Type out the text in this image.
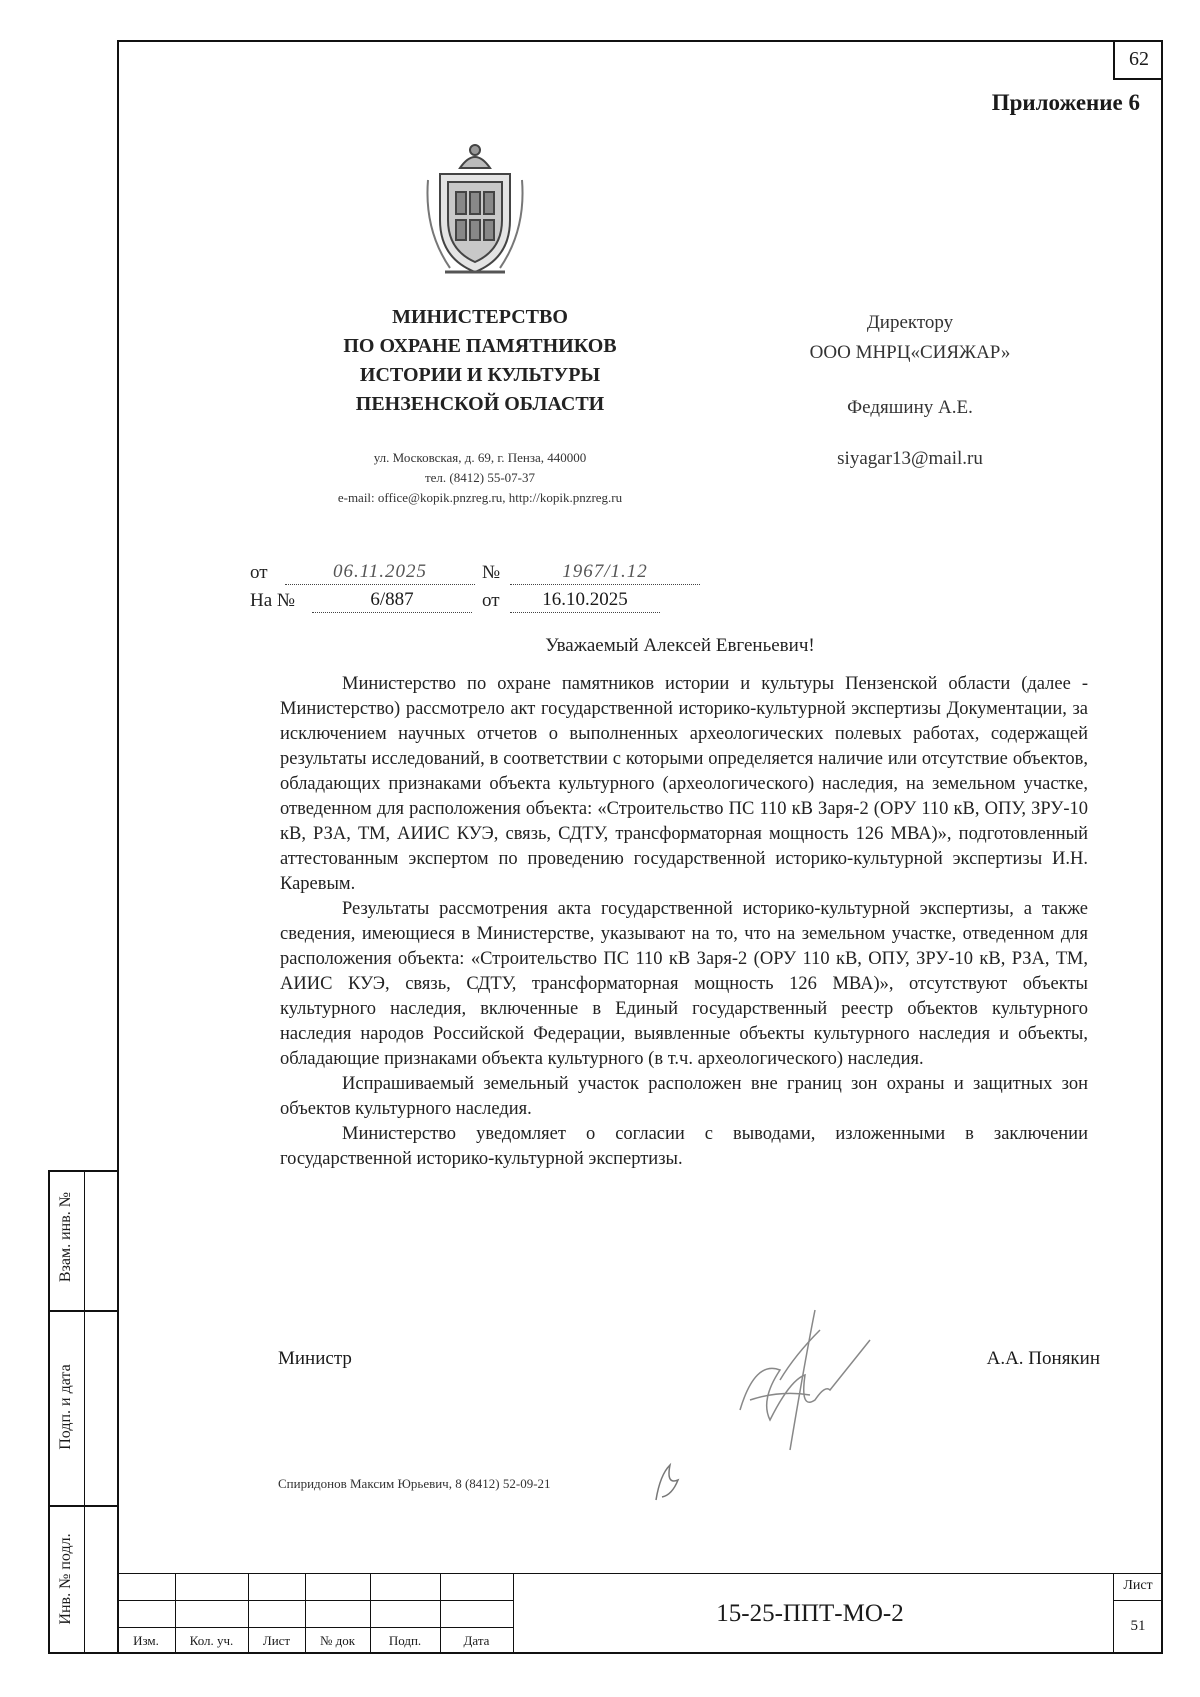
62
Приложение 6
МИНИСТЕРСТВО
ПО ОХРАНЕ ПАМЯТНИКОВ
ИСТОРИИ И КУЛЬТУРЫ
ПЕНЗЕНСКОЙ ОБЛАСТИ
ул. Московская, д. 69, г. Пенза, 440000
тел. (8412) 55-07-37
e-mail: office@kopik.pnzreg.ru, http://kopik.pnzreg.ru
Директору
ООО МНРЦ«СИЯЖАР»
Федяшину А.Е.
siyagar13@mail.ru
от	06.11.2025	№	1967/1.12
На №	6/887	от	16.10.2025
Уважаемый Алексей Евгеньевич!

Министерство по охране памятников истории и культуры Пензенской области (далее - Министерство) рассмотрело акт государственной историко-культурной экспертизы Документации, за исключением научных отчетов о выполненных археологических полевых работах, содержащей результаты исследований, в соответствии с которыми определяется наличие или отсутствие объектов, обладающих признаками объекта культурного (археологического) наследия, на земельном участке, отведенном для расположения объекта: «Строительство ПС 110 кВ Заря-2 (ОРУ 110 кВ, ОПУ, ЗРУ-10 кВ, РЗА, ТМ, АИИС КУЭ, связь, СДТУ, трансформаторная мощность 126 МВА)», подготовленный аттестованным экспертом по проведению государственной историко-культурной экспертизы И.Н. Каревым.

Результаты рассмотрения акта государственной историко-культурной экспертизы, а также сведения, имеющиеся в Министерстве, указывают на то, что на земельном участке, отведенном для расположения объекта: «Строительство ПС 110 кВ Заря-2 (ОРУ 110 кВ, ОПУ, ЗРУ-10 кВ, РЗА, ТМ, АИИС КУЭ, связь, СДТУ, трансформаторная мощность 126 МВА)», отсутствуют объекты культурного наследия, включенные в Единый государственный реестр объектов культурного наследия народов Российской Федерации, выявленные объекты культурного наследия и объекты, обладающие признаками объекта культурного (в т.ч. археологического) наследия.

Испрашиваемый земельный участок расположен вне границ зон охраны и защитных зон объектов культурного наследия.

Министерство уведомляет о согласии с выводами, изложенными в заключении государственной историко-культурной экспертизы.

Министр	А.А. Понякин
Спиридонов Максим Юрьевич, 8 (8412) 52-09-21
Взам. инв. №
Подп. и дата
Инв. № подл.
Изм.	Кол. уч.	Лист	№ док	Подп.	Дата
15-25-ППТ-МО-2
Лист
51
